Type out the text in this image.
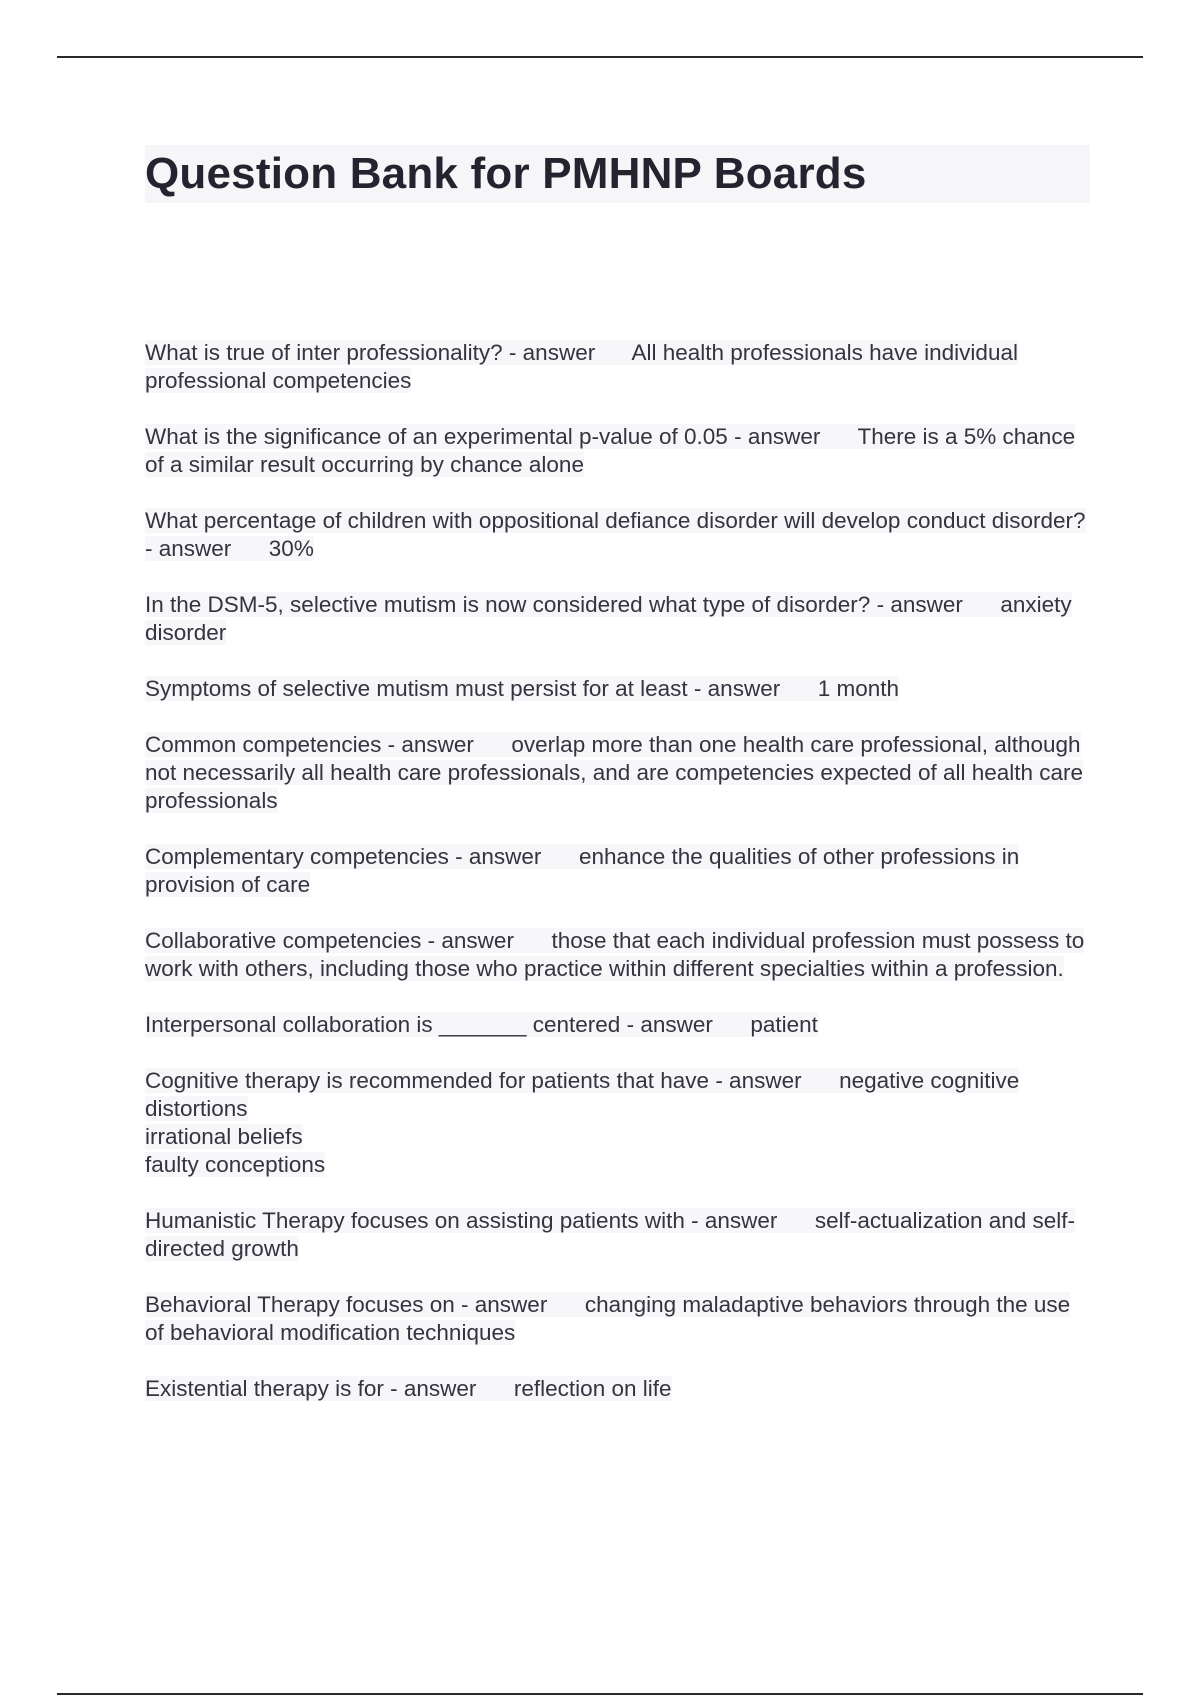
Question Bank for PMHNP Boards
What is true of inter professionality? - answer All health professionals have individual professional competencies
What is the significance of an experimental p-value of 0.05 - answer There is a 5% chance of a similar result occurring by chance alone
What percentage of children with oppositional defiance disorder will develop conduct disorder? - answer 30%
In the DSM-5, selective mutism is now considered what type of disorder? - answer anxiety disorder
Symptoms of selective mutism must persist for at least - answer 1 month
Common competencies - answer overlap more than one health care professional, although not necessarily all health care professionals, and are competencies expected of all health care professionals
Complementary competencies - answer enhance the qualities of other professions in provision of care
Collaborative competencies - answer those that each individual profession must possess to work with others, including those who practice within different specialties within a profession.
Interpersonal collaboration is _______ centered - answer patient
Cognitive therapy is recommended for patients that have - answer negative cognitive distortions
irrational beliefs
faulty conceptions
Humanistic Therapy focuses on assisting patients with - answer self-actualization and self-directed growth
Behavioral Therapy focuses on - answer changing maladaptive behaviors through the use of behavioral modification techniques
Existential therapy is for - answer reflection on life
